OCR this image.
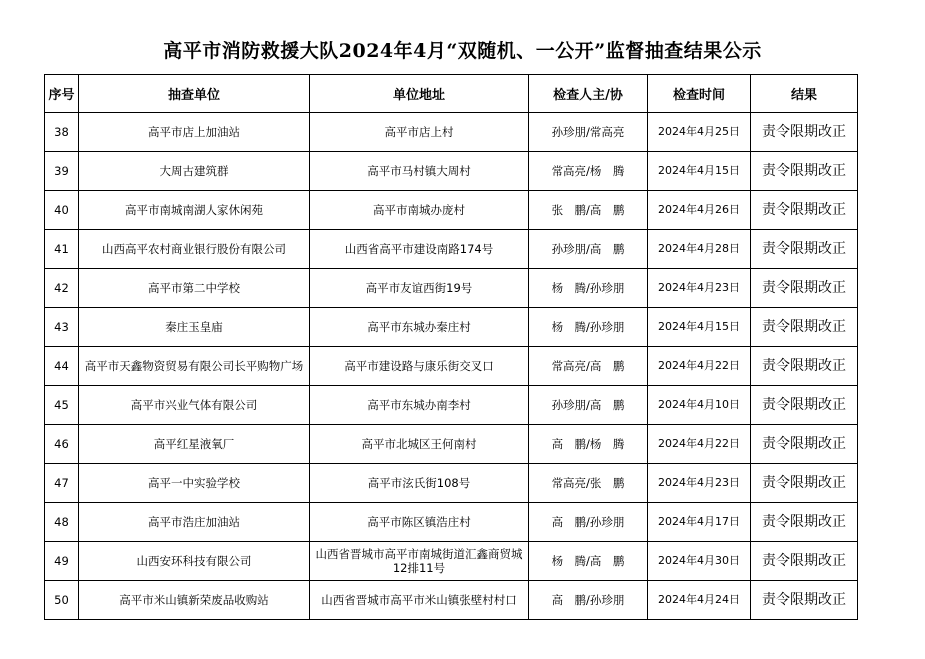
高平市消防救援大队2024年4月“双随机、一公开”监督抽查结果公示
序号	抽查单位	单位地址	检查人主/协	检查时间	结果
38	高平市店上加油站	高平市店上村	孙珍朋/常高亮	2024年4月25日	责令限期改正
39	大周古建筑群	高平市马村镇大周村	常高亮/杨　腾	2024年4月15日	责令限期改正
40	高平市南城南湖人家休闲苑	高平市南城办庞村	张　鹏/高　鹏	2024年4月26日	责令限期改正
41	山西高平农村商业银行股份有限公司	山西省高平市建设南路174号	孙珍朋/高　鹏	2024年4月28日	责令限期改正
42	高平市第二中学校	高平市友谊西街19号	杨　腾/孙珍朋	2024年4月23日	责令限期改正
43	秦庄玉皇庙	高平市东城办秦庄村	杨　腾/孙珍朋	2024年4月15日	责令限期改正
44	高平市天鑫物资贸易有限公司长平购物广场	高平市建设路与康乐街交叉口	常高亮/高　鹏	2024年4月22日	责令限期改正
45	高平市兴业气体有限公司	高平市东城办南李村	孙珍朋/高　鹏	2024年4月10日	责令限期改正
46	高平红星液氧厂	高平市北城区王何南村	高　鹏/杨　腾	2024年4月22日	责令限期改正
47	高平一中实验学校	高平市泫氏街108号	常高亮/张　鹏	2024年4月23日	责令限期改正
48	高平市浩庄加油站	高平市陈区镇浩庄村	高　鹏/孙珍朋	2024年4月17日	责令限期改正
49	山西安环科技有限公司	山西省晋城市高平市南城街道汇鑫商贸城12排11号	杨　腾/高　鹏	2024年4月30日	责令限期改正
50	高平市米山镇新荣废品收购站	山西省晋城市高平市米山镇张壁村村口	高　鹏/孙珍朋	2024年4月24日	责令限期改正
